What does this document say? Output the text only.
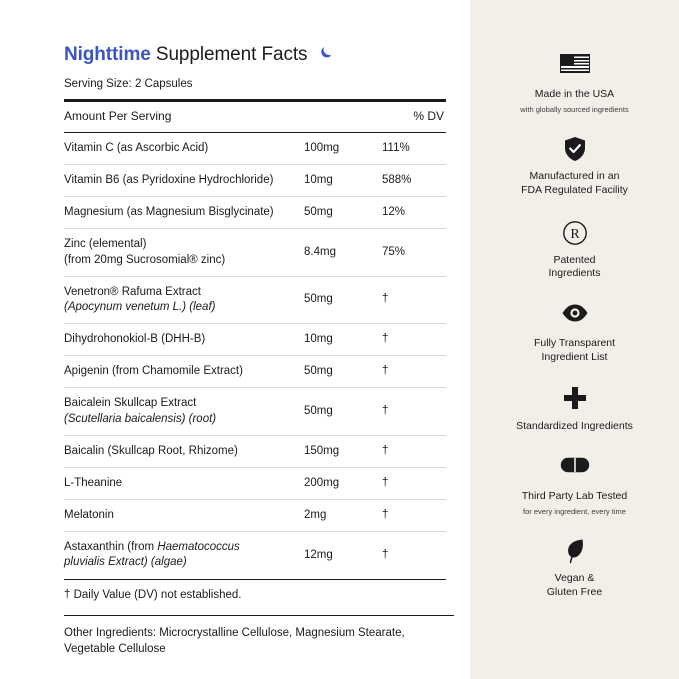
Nighttime Supplement Facts
Serving Size: 2 Capsules
Amount Per Serving		% DV

Vitamin C (as Ascorbic Acid)	100mg	111%
Vitamin B6 (as Pyridoxine Hydrochloride)	10mg	588%
Magnesium (as Magnesium Bisglycinate)	50mg	12%
Zinc (elemental)
(from 20mg Sucrosomial® zinc)	8.4mg	75%
Venetron® Rafuma Extract
(Apocynum venetum L.) (leaf)	50mg	†
Dihydrohonokiol-B (DHH-B)	10mg	†
Apigenin (from Chamomile Extract)	50mg	†
Baicalein Skullcap Extract
(Scutellaria baicalensis) (root)	50mg	†
Baicalin (Skullcap Root, Rhizome)	150mg	†
L-Theanine	200mg	†
Melatonin	2mg	†
Astaxanthin (from Haematococcus
pluvialis Extract) (algae)	12mg	†
† Daily Value (DV) not established.
Other Ingredients: Microcrystalline Cellulose, Magnesium Stearate, Vegetable Cellulose
Made in the USA
with globally sourced ingredients
Manufactured in an
FDA Regulated Facility
R
Patented
Ingredients
Fully Transparent
Ingredient List
Standardized Ingredients
Third Party Lab Tested
for every ingredient, every time
Vegan &
Gluten Free
